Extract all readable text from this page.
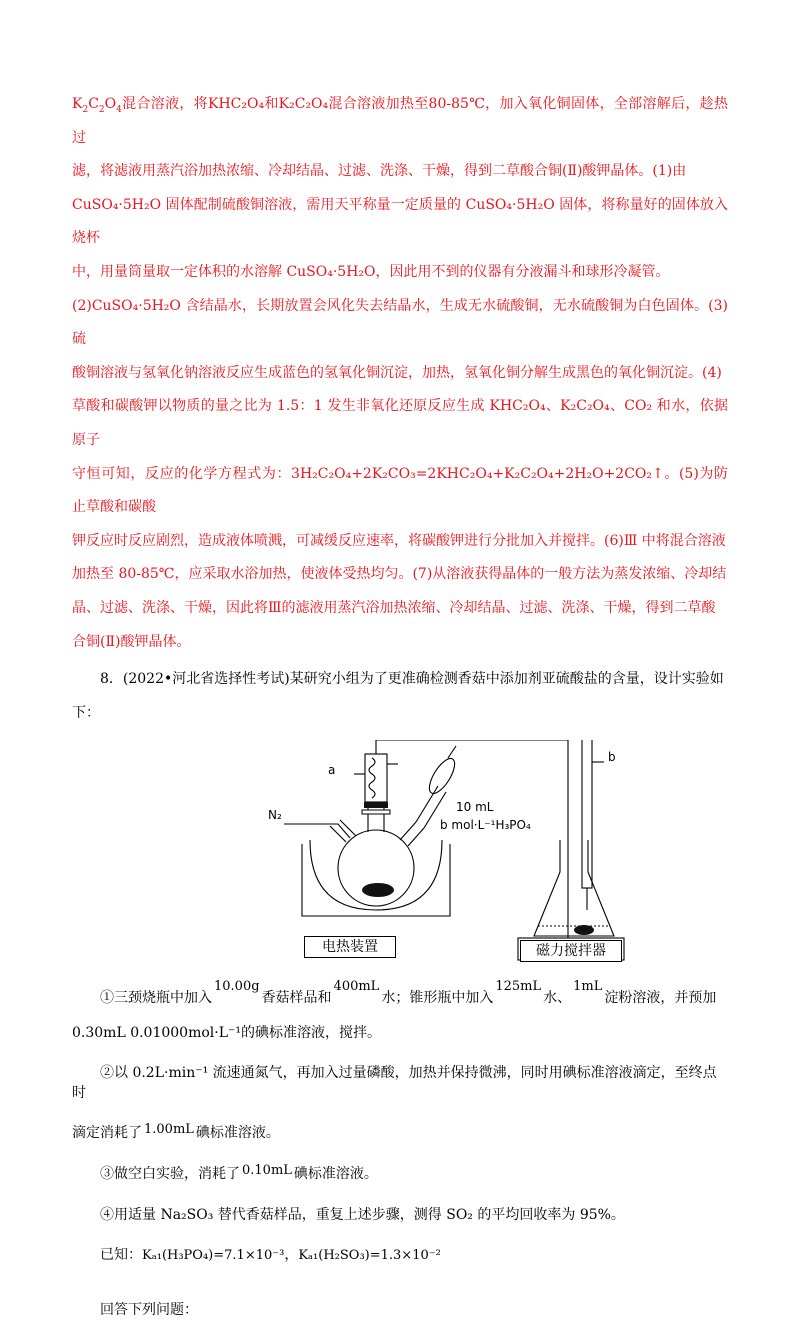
$K_2C_2O_4$混合溶液，将KHC₂O₄和K₂C₂O₄混合溶液加热至80-85℃，加入氧化铜固体，全部溶解后，趁热过

滤，将滤液用蒸汽浴加热浓缩、冷却结晶、过滤、洗涤、干燥，得到二草酸合铜(Ⅱ)酸钾晶体。(1)由

CuSO₄·5H₂O 固体配制硫酸铜溶液，需用天平称量一定质量的 CuSO₄·5H₂O 固体，将称量好的固体放入烧杯

中，用量筒量取一定体积的水溶解 CuSO₄·5H₂O，因此用不到的仪器有分液漏斗和球形冷凝管。

(2)CuSO₄·5H₂O 含结晶水，长期放置会风化失去结晶水，生成无水硫酸铜，无水硫酸铜为白色固体。(3)硫

酸铜溶液与氢氧化钠溶液反应生成蓝色的氢氧化铜沉淀，加热，氢氧化铜分解生成黑色的氧化铜沉淀。(4)

草酸和碳酸钾以物质的量之比为 1.5：1 发生非氧化还原反应生成 KHC₂O₄、K₂C₂O₄、CO₂ 和水，依据原子

守恒可知，反应的化学方程式为：3H₂C₂O₄+2K₂CO₃=2KHC₂O₄+K₂C₂O₄+2H₂O+2CO₂↑。(5)为防止草酸和碳酸

钾反应时反应剧烈，造成液体喷溅，可减缓反应速率，将碳酸钾进行分批加入并搅拌。(6)Ⅲ 中将混合溶液

加热至 80-85℃，应采取水浴加热，使液体受热均匀。(7)从溶液获得晶体的一般方法为蒸发浓缩、冷却结

晶、过滤、洗涤、干燥，因此将Ⅲ的滤液用蒸汽浴加热浓缩、冷却结晶、过滤、洗涤、干燥，得到二草酸

合铜(Ⅱ)酸钾晶体。

8．(2022•河北省选择性考试)某研究小组为了更准确检测香菇中添加剂亚硫酸盐的含量，设计实验如

下：

a
b
N₂
10 mL
b mol·L⁻¹H₃PO₄
电热装置	磁力搅拌器

①三颈烧瓶中加入10.00g香菇样品和400mL水；锥形瓶中加入125mL水、1mL淀粉溶液，并预加

0.30mL 0.01000mol·L⁻¹的碘标准溶液，搅拌。

②以 0.2L·min⁻¹ 流速通氮气，再加入过量磷酸，加热并保持微沸，同时用碘标准溶液滴定，至终点时

滴定消耗了 1.00mL 碘标准溶液。

③做空白实验，消耗了 0.10mL 碘标准溶液。

④用适量 Na₂SO₃ 替代香菇样品，重复上述步骤，测得 SO₂ 的平均回收率为 95%。

已知：Kₐ₁(H₃PO₄)=7.1×10⁻³，Kₐ₁(H₂SO₃)=1.3×10⁻²

回答下列问题：
